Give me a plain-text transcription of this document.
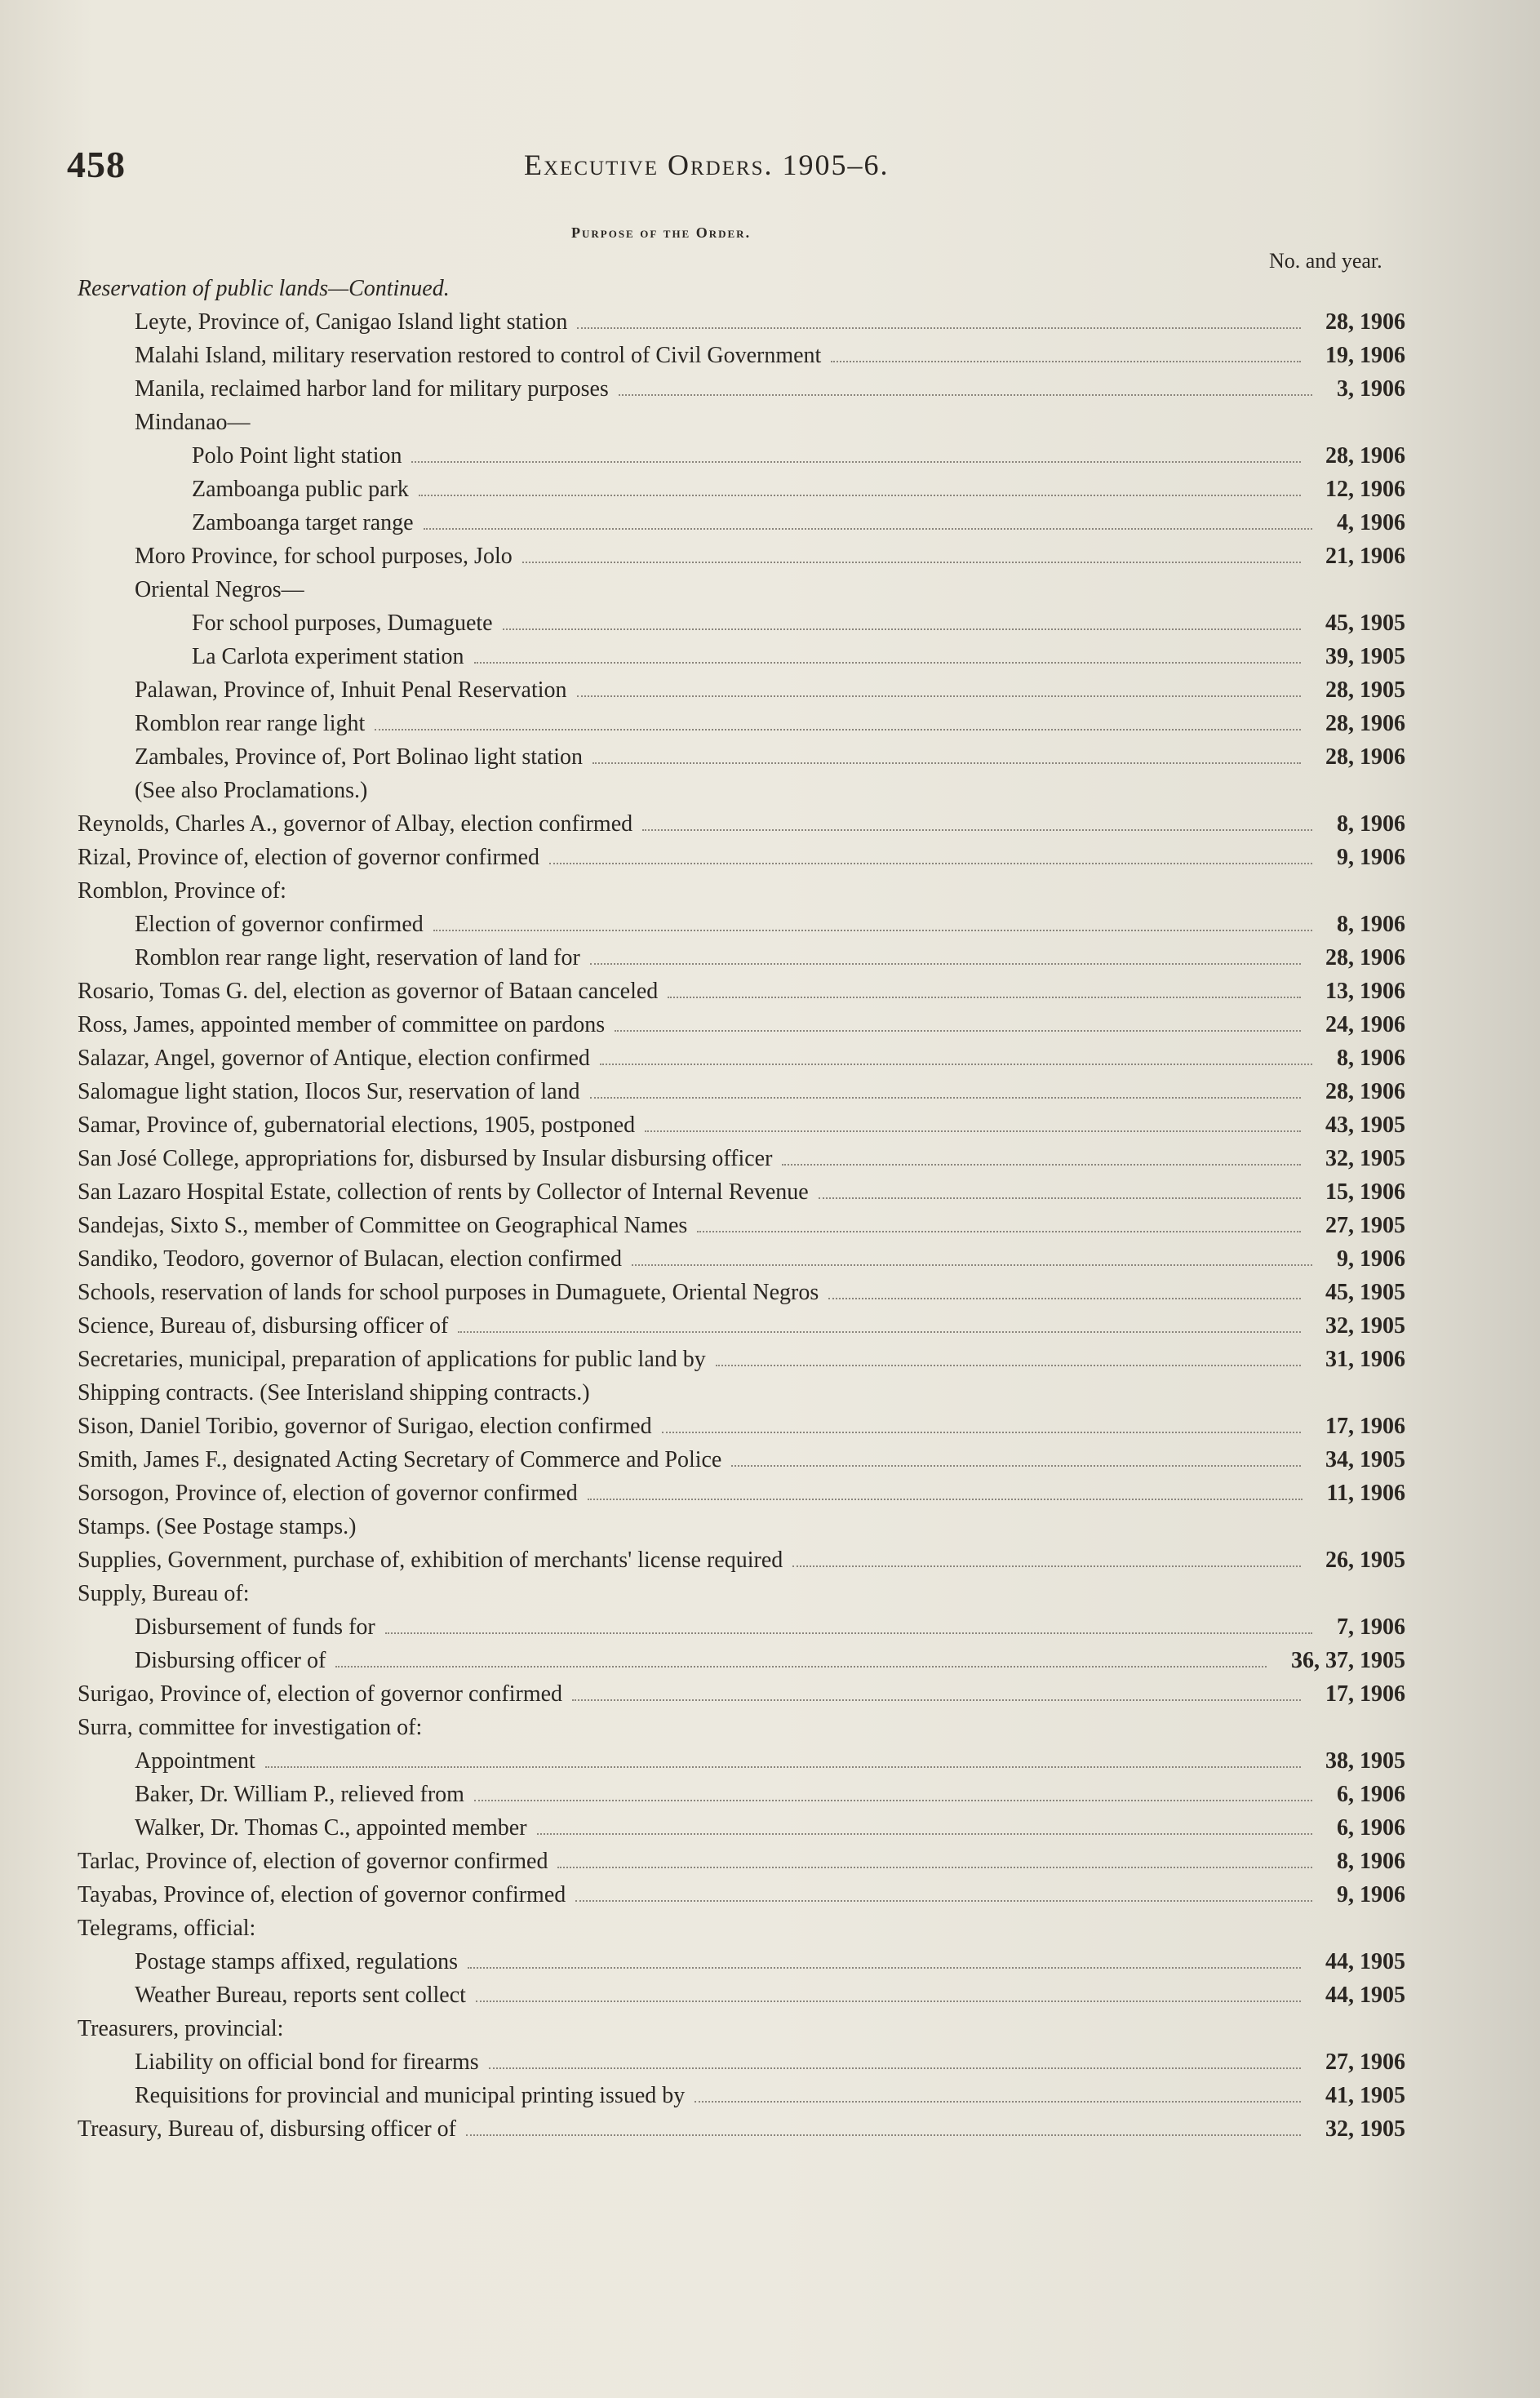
458	Executive Orders. 1905–6.
Purpose of the Order.
No. and year.
Reservation of public lands—Continued.
Leyte, Province of, Canigao Island light station	28, 1906
Malahi Island, military reservation restored to control of Civil Government	19, 1906
Manila, reclaimed harbor land for military purposes	3, 1906
Mindanao—
Polo Point light station	28, 1906
Zamboanga public park	12, 1906
Zamboanga target range	4, 1906
Moro Province, for school purposes, Jolo	21, 1906
Oriental Negros—
For school purposes, Dumaguete	45, 1905
La Carlota experiment station	39, 1905
Palawan, Province of, Inhuit Penal Reservation	28, 1905
Romblon rear range light	28, 1906
Zambales, Province of, Port Bolinao light station	28, 1906
(See also Proclamations.)
Reynolds, Charles A., governor of Albay, election confirmed	8, 1906
Rizal, Province of, election of governor confirmed	9, 1906
Romblon, Province of:
Election of governor confirmed	8, 1906
Romblon rear range light, reservation of land for	28, 1906
Rosario, Tomas G. del, election as governor of Bataan canceled	13, 1906
Ross, James, appointed member of committee on pardons	24, 1906
Salazar, Angel, governor of Antique, election confirmed	8, 1906
Salomague light station, Ilocos Sur, reservation of land	28, 1906
Samar, Province of, gubernatorial elections, 1905, postponed	43, 1905
San José College, appropriations for, disbursed by Insular disbursing officer	32, 1905
San Lazaro Hospital Estate, collection of rents by Collector of Internal Revenue	15, 1906
Sandejas, Sixto S., member of Committee on Geographical Names	27, 1905
Sandiko, Teodoro, governor of Bulacan, election confirmed	9, 1906
Schools, reservation of lands for school purposes in Dumaguete, Oriental Negros	45, 1905
Science, Bureau of, disbursing officer of	32, 1905
Secretaries, municipal, preparation of applications for public land by	31, 1906
Shipping contracts. (See Interisland shipping contracts.)
Sison, Daniel Toribio, governor of Surigao, election confirmed	17, 1906
Smith, James F., designated Acting Secretary of Commerce and Police	34, 1905
Sorsogon, Province of, election of governor confirmed	11, 1906
Stamps. (See Postage stamps.)
Supplies, Government, purchase of, exhibition of merchants' license required	26, 1905
Supply, Bureau of:
Disbursement of funds for	7, 1906
Disbursing officer of	36, 37, 1905
Surigao, Province of, election of governor confirmed	17, 1906
Surra, committee for investigation of:
Appointment	38, 1905
Baker, Dr. William P., relieved from	6, 1906
Walker, Dr. Thomas C., appointed member	6, 1906
Tarlac, Province of, election of governor confirmed	8, 1906
Tayabas, Province of, election of governor confirmed	9, 1906
Telegrams, official:
Postage stamps affixed, regulations	44, 1905
Weather Bureau, reports sent collect	44, 1905
Treasurers, provincial:
Liability on official bond for firearms	27, 1906
Requisitions for provincial and municipal printing issued by	41, 1905
Treasury, Bureau of, disbursing officer of	32, 1905
